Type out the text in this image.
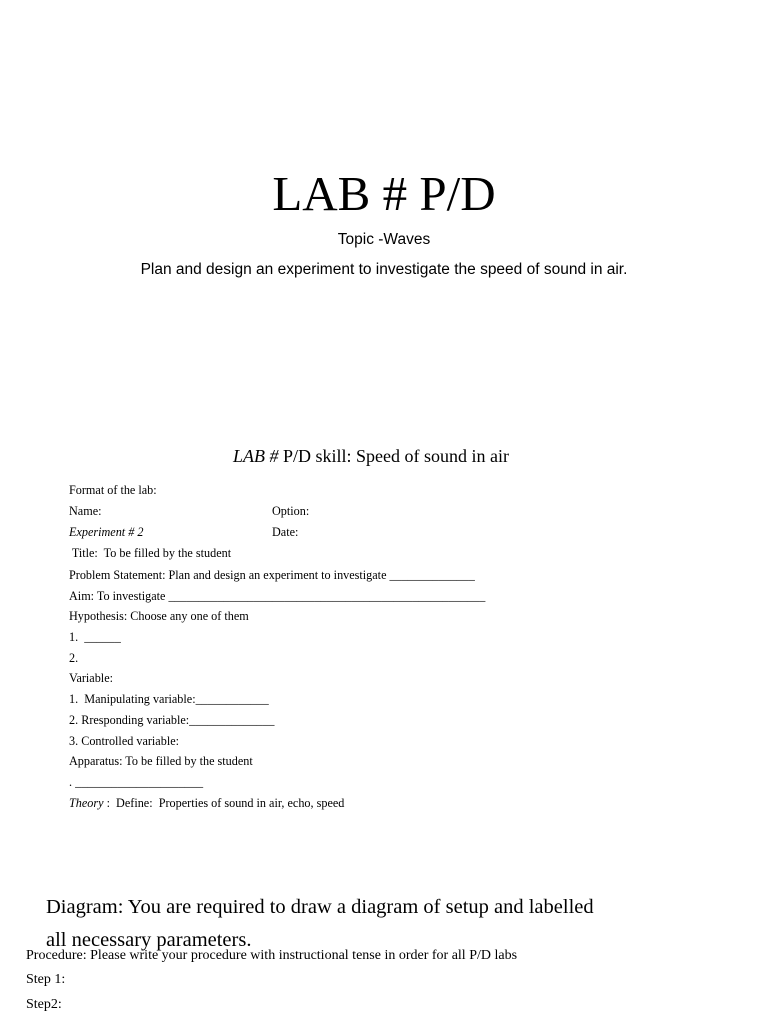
LAB # P/D
Topic -Waves
Plan and design an experiment to investigate the speed of sound in air.
LAB # P/D skill: Speed of sound in air
Format of the lab:
Name:	Option:
Experiment # 2	Date:
Title:  To be filled by the student
Problem Statement: Plan and design an experiment to investigate ______________
Aim: To investigate ____________________________________________________
Hypothesis: Choose any one of them
1.  ______
2.
Variable:
1.  Manipulating variable:____________
2. Rresponding variable:______________
3. Controlled variable:
Apparatus: To be filled by the student
. _____________________
Theory :  Define:  Properties of sound in air, echo, speed
Diagram: You are required to draw a diagram of setup and labelled
all necessary parameters.
Procedure: Please write your procedure with instructional tense in order for all P/D labs
Step 1:
Step2:
